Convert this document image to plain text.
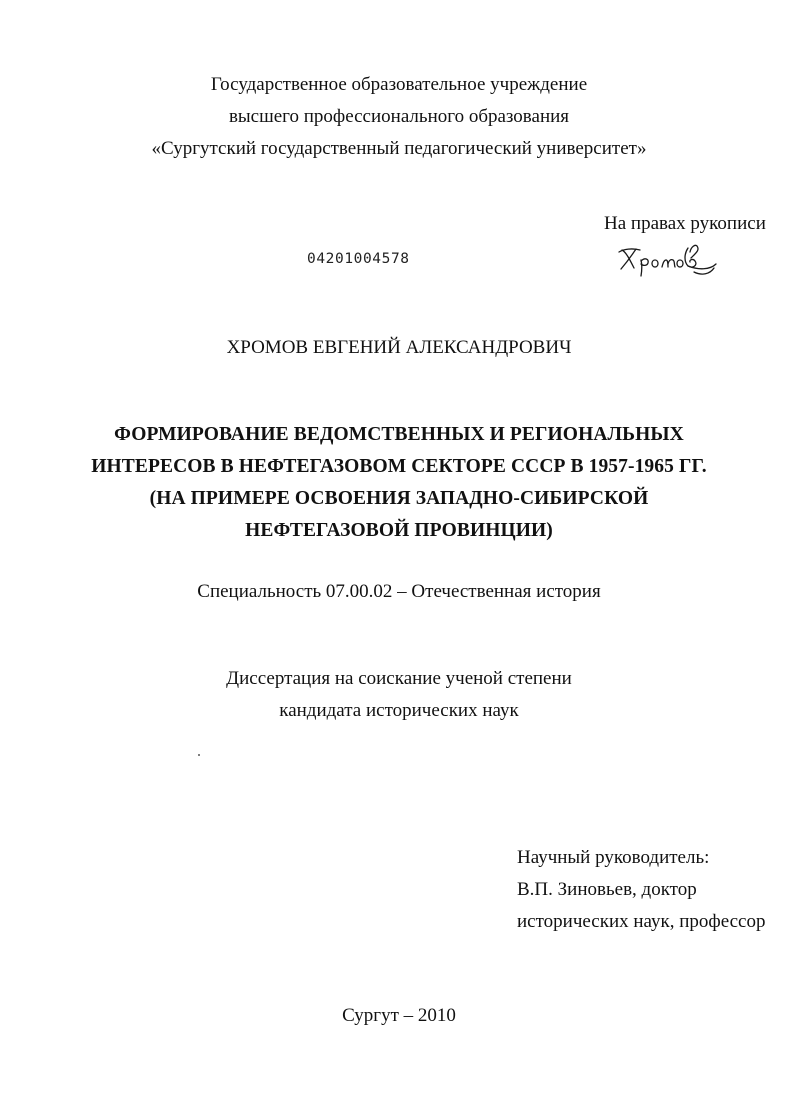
Государственное образовательное учреждение
высшего профессионального образования
«Сургутский государственный педагогический университет»
На правах рукописи
04201004578
ХРОМОВ ЕВГЕНИЙ АЛЕКСАНДРОВИЧ
ФОРМИРОВАНИЕ ВЕДОМСТВЕННЫХ И РЕГИОНАЛЬНЫХ
ИНТЕРЕСОВ В НЕФТЕГАЗОВОМ СЕКТОРЕ СССР В 1957-1965 ГГ.
(НА ПРИМЕРЕ ОСВОЕНИЯ ЗАПАДНО-СИБИРСКОЙ
НЕФТЕГАЗОВОЙ ПРОВИНЦИИ)
Специальность 07.00.02 – Отечественная история
Диссертация на соискание ученой степени
кандидата исторических наук
Научный руководитель:
В.П. Зиновьев, доктор
исторических наук, профессор
Сургут – 2010
